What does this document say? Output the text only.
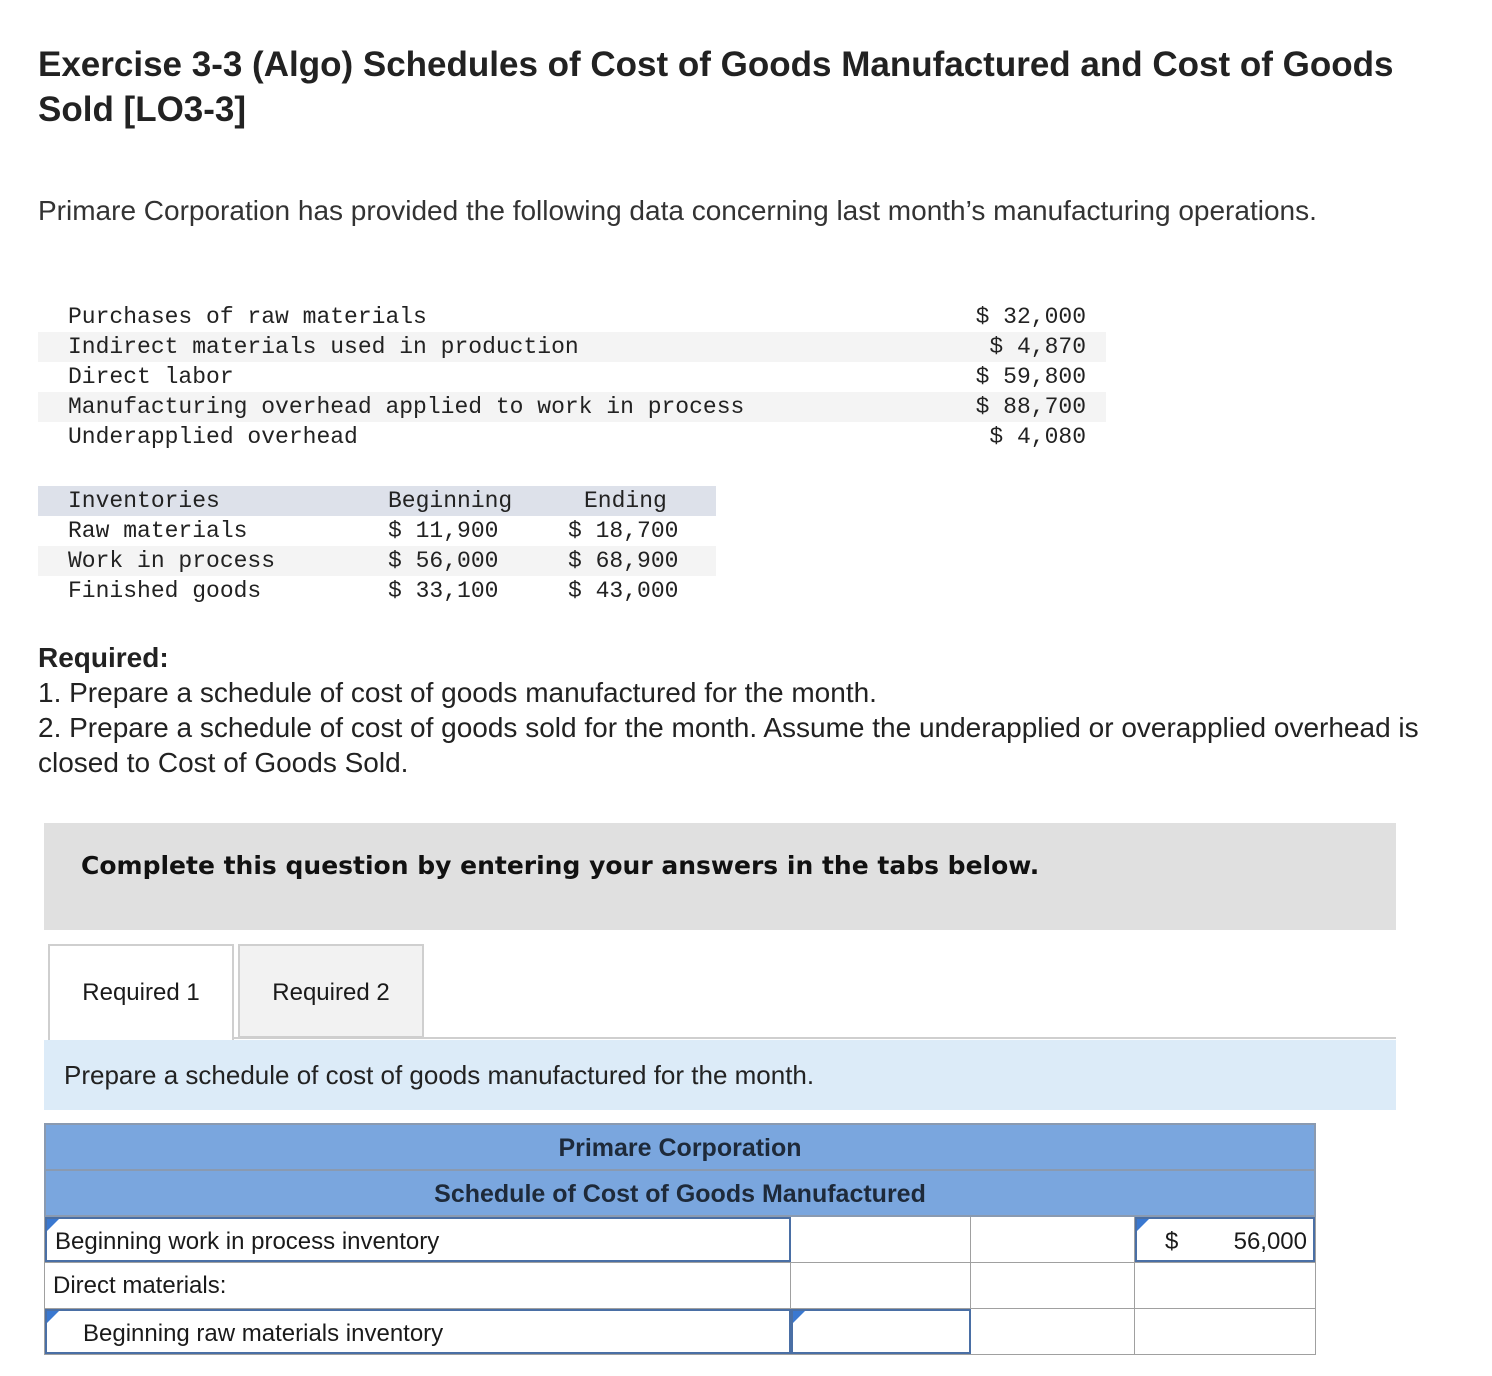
Exercise 3-3 (Algo) Schedules of Cost of Goods Manufactured and Cost of Goods Sold [LO3-3]
Primare Corporation has provided the following data concerning last month’s manufacturing operations.
Purchases of raw materials	$ 32,000
Indirect materials used in production	$ 4,870
Direct labor	$ 59,800
Manufacturing overhead applied to work in process	$ 88,700
Underapplied overhead	$ 4,080
Inventories	Beginning	Ending
Raw materials	$ 11,900	$ 18,700
Work in process	$ 56,000	$ 68,900
Finished goods	$ 33,100	$ 43,000
Required:
1. Prepare a schedule of cost of goods manufactured for the month.
2. Prepare a schedule of cost of goods sold for the month. Assume the underapplied or overapplied overhead is closed to Cost of Goods Sold.
Complete this question by entering your answers in the tabs below.
Required 1	Required 2
Prepare a schedule of cost of goods manufactured for the month.
Primare Corporation
Schedule of Cost of Goods Manufactured
Beginning work in process inventory	$ 56,000
Direct materials:
Beginning raw materials inventory
